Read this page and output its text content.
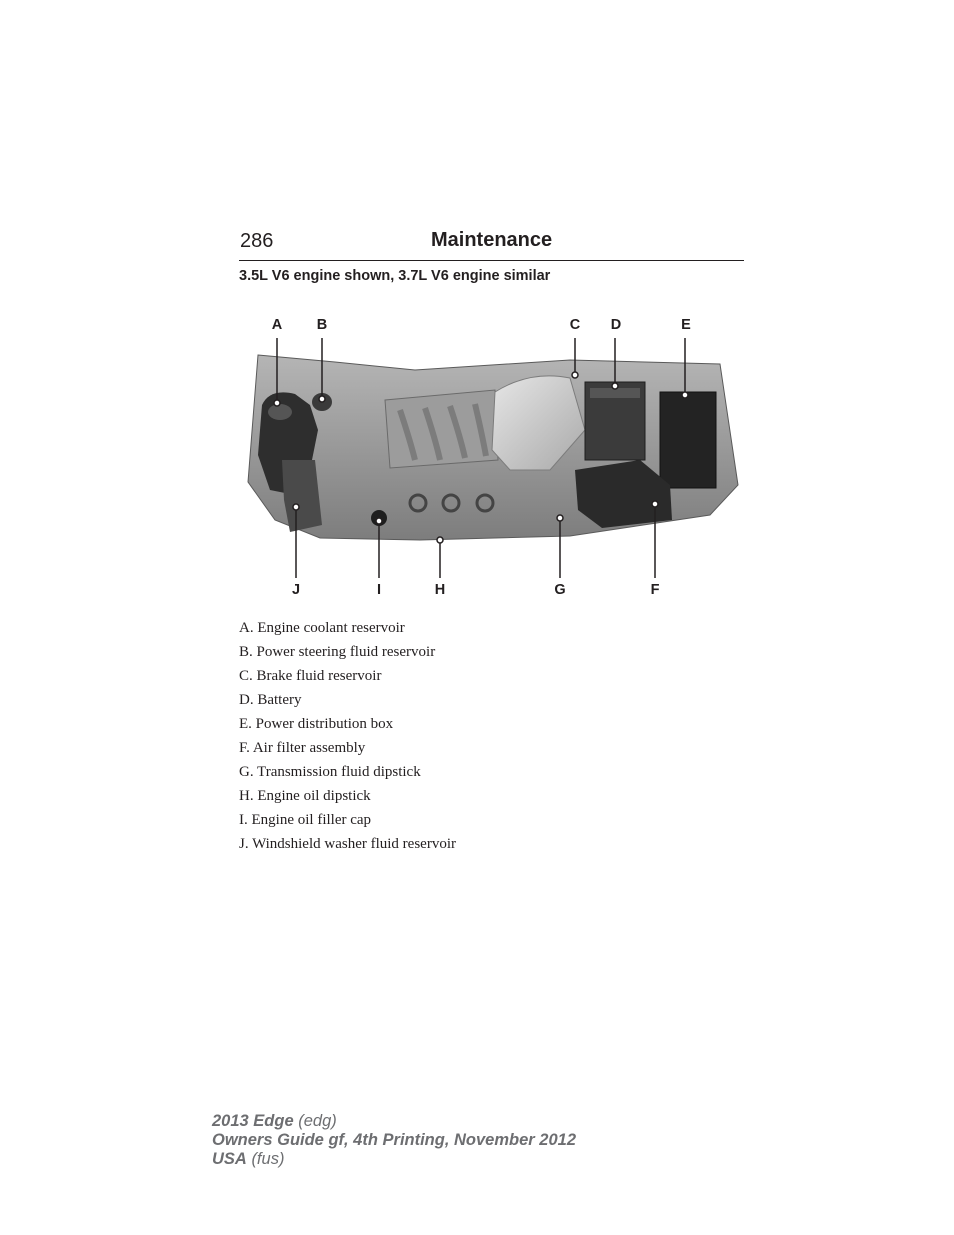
286	Maintenance
3.5L V6 engine shown, 3.7L V6 engine similar
A B	C D	E
J	I	H	G	F
A. Engine coolant reservoir
B. Power steering fluid reservoir
C. Brake fluid reservoir
D. Battery
E. Power distribution box
F. Air filter assembly
G. Transmission fluid dipstick
H. Engine oil dipstick
I. Engine oil filler cap
J. Windshield washer fluid reservoir
2013 Edge (edg)
Owners Guide gf, 4th Printing, November 2012
USA (fus)
